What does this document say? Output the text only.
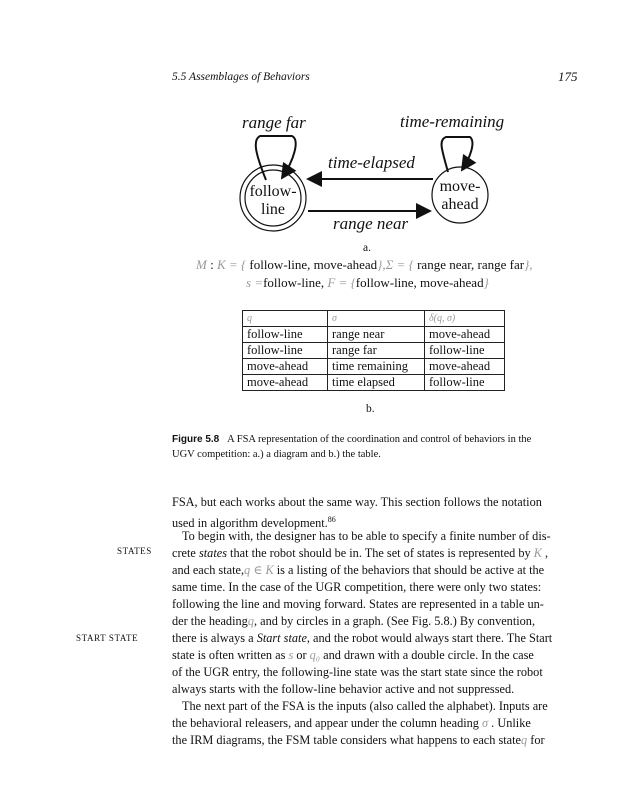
5.5 Assemblages of Behaviors	175
range far	time-remaining
follow-
line
move-
ahead
time-elapsed
range near
a.
M : K = { follow-line, move-ahead},Σ = { range near, range far},
s =follow-line, F = {follow-line, move-ahead}
q	σ	δ(q, σ)
follow-line	range near	move-ahead
follow-line	range far	follow-line
move-ahead	time remaining	move-ahead
move-ahead	time elapsed	follow-line
b.
Figure 5.8 A FSA representation of the coordination and control of behaviors in the
UGV competition: a.) a diagram and b.) the table.
STATES
START STATE
FSA, but each works about the same way. This section follows the notation
used in algorithm development.$^{86}$
To begin with, the designer has to be able to specify a finite number of dis-
crete states that the robot should be in. The set of states is represented by K ,
and each state,q ∈ K is a listing of the behaviors that should be active at the
same time. In the case of the UGR competition, there were only two states:
following the line and moving forward. States are represented in a table un-
der the headingq, and by circles in a graph. (See Fig. 5.8.) By convention,
there is always a Start state, and the robot would always start there. The Start
state is often written as s or q₀ and drawn with a double circle. In the case
of the UGR entry, the following-line state was the start state since the robot
always starts with the follow-line behavior active and not suppressed.
The next part of the FSA is the inputs (also called the alphabet). Inputs are
the behavioral releasers, and appear under the column heading σ . Unlike
the IRM diagrams, the FSM table considers what happens to each stateq for
